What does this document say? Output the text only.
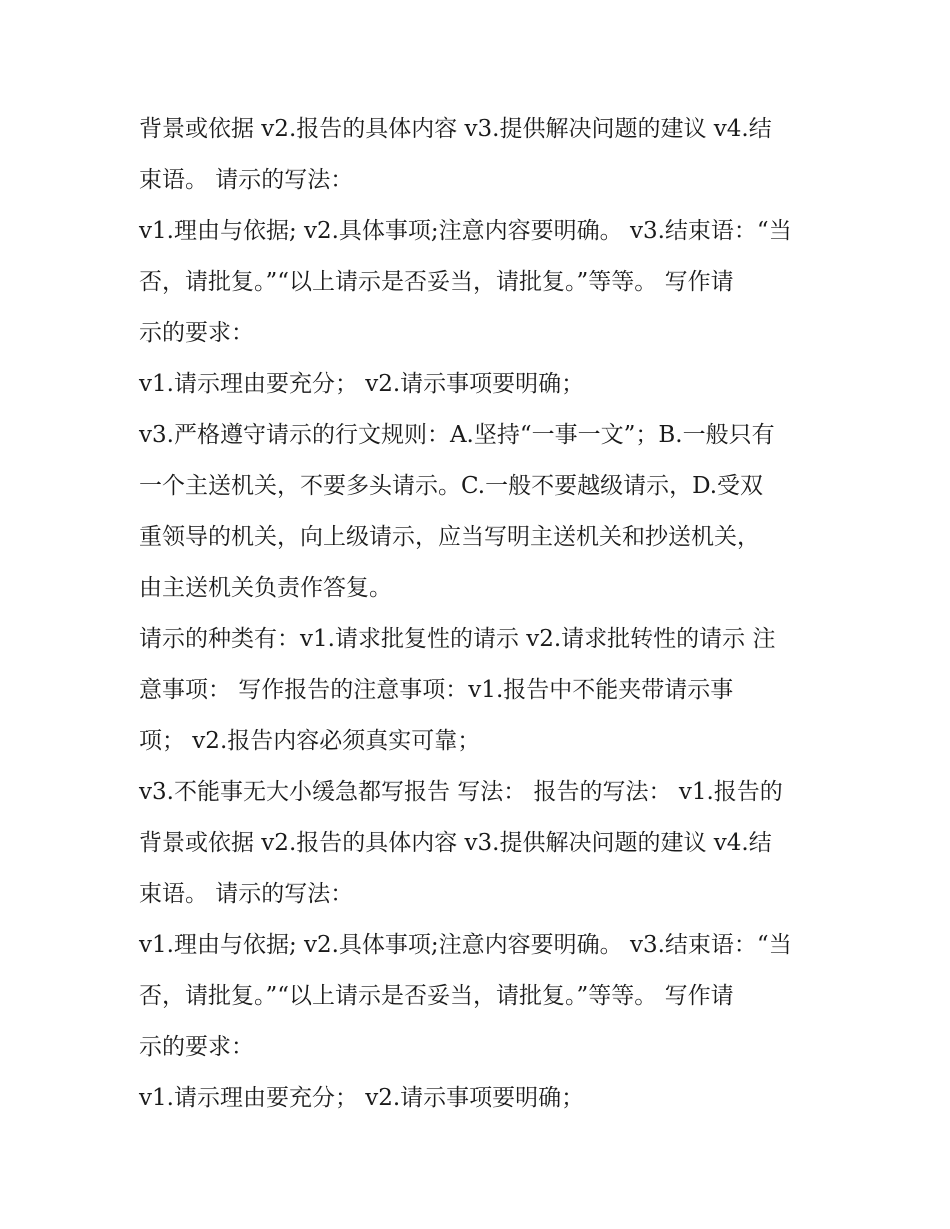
背景或依据 v2.报告的具体内容 v3.提供解决问题的建议 v4.结
束语。 请示的写法：
v1.理由与依据; v2.具体事项;注意内容要明确。 v3.结束语：“当
否，请批复。”“以上请示是否妥当，请批复。”等等。 写作请
示的要求：
v1.请示理由要充分； v2.请示事项要明确；
v3.严格遵守请示的行文规则：A.坚持“一事一文”；B.一般只有
一个主送机关，不要多头请示。C.一般不要越级请示，D.受双
重领导的机关，向上级请示，应当写明主送机关和抄送机关，
由主送机关负责作答复。
请示的种类有：v1.请求批复性的请示 v2.请求批转性的请示 注
意事项： 写作报告的注意事项：v1.报告中不能夹带请示事
项； v2.报告内容必须真实可靠；
v3.不能事无大小缓急都写报告 写法： 报告的写法： v1.报告的
背景或依据 v2.报告的具体内容 v3.提供解决问题的建议 v4.结
束语。 请示的写法：
v1.理由与依据; v2.具体事项;注意内容要明确。 v3.结束语：“当
否，请批复。”“以上请示是否妥当，请批复。”等等。 写作请
示的要求：
v1.请示理由要充分； v2.请示事项要明确；
